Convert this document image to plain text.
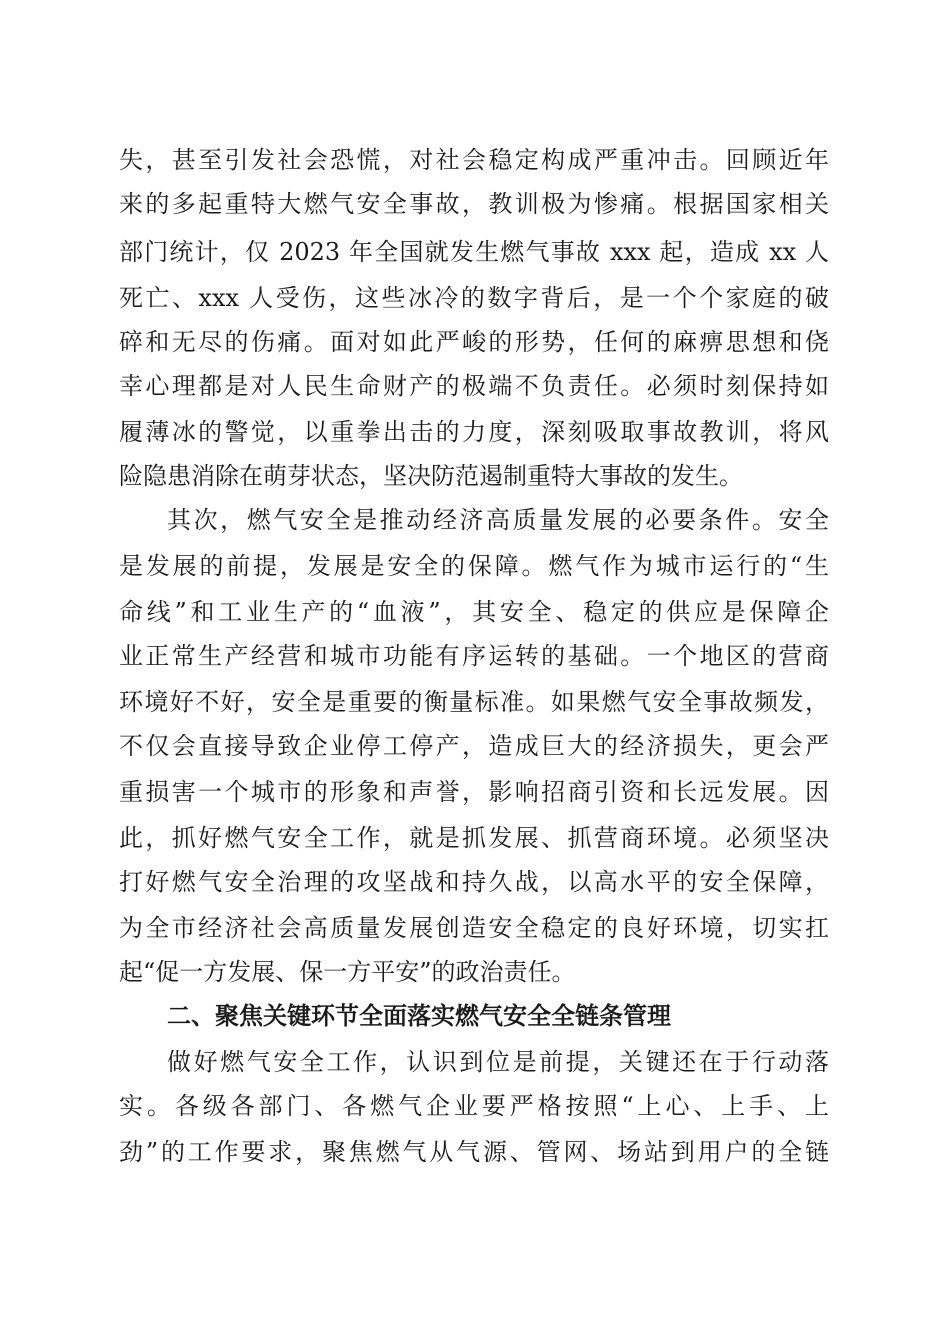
失，甚至引发社会恐慌，对社会稳定构成严重冲击。回顾近年
来的多起重特大燃气安全事故，教训极为惨痛。根据国家相关
部门统计，仅 2023 年全国就发生燃气事故 xxx 起，造成 xx 人
死亡、xxx 人受伤，这些冰冷的数字背后，是一个个家庭的破
碎和无尽的伤痛。面对如此严峻的形势，任何的麻痹思想和侥
幸心理都是对人民生命财产的极端不负责任。必须时刻保持如
履薄冰的警觉，以重拳出击的力度，深刻吸取事故教训，将风
险隐患消除在萌芽状态，坚决防范遏制重特大事故的发生。
其次，燃气安全是推动经济高质量发展的必要条件。安全
是发展的前提，发展是安全的保障。燃气作为城市运行的“生
命线”和工业生产的“血液”，其安全、稳定的供应是保障企
业正常生产经营和城市功能有序运转的基础。一个地区的营商
环境好不好，安全是重要的衡量标准。如果燃气安全事故频发，
不仅会直接导致企业停工停产，造成巨大的经济损失，更会严
重损害一个城市的形象和声誉，影响招商引资和长远发展。因
此，抓好燃气安全工作，就是抓发展、抓营商环境。必须坚决
打好燃气安全治理的攻坚战和持久战，以高水平的安全保障，
为全市经济社会高质量发展创造安全稳定的良好环境，切实扛
起“促一方发展、保一方平安”的政治责任。
二、聚焦关键环节全面落实燃气安全全链条管理
做好燃气安全工作，认识到位是前提，关键还在于行动落
实。各级各部门、各燃气企业要严格按照“上心、上手、上
劲”的工作要求，聚焦燃气从气源、管网、场站到用户的全链
